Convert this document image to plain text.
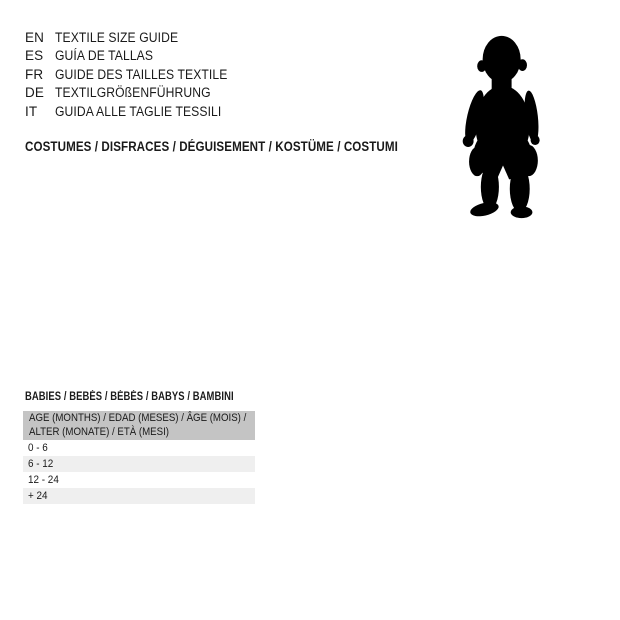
EN TEXTILE SIZE GUIDE
ES GUÍA DE TALLAS
FR GUIDE DES TAILLES TEXTILE
DE TEXTILGRÖßENFÜHRUNG
IT GUIDA ALLE TAGLIE TESSILI
COSTUMES / DISFRACES / DÉGUISEMENT / KOSTÜME / COSTUMI
BABIES / BEBÉS / BÉBÉS / BABYS / BAMBINI
AGE (MONTHS) / EDAD (MESES) / ÂGE (MOIS) / ALTER (MONATE) / ETÀ (MESI)
0 - 6
6 - 12
12 - 24
+ 24
